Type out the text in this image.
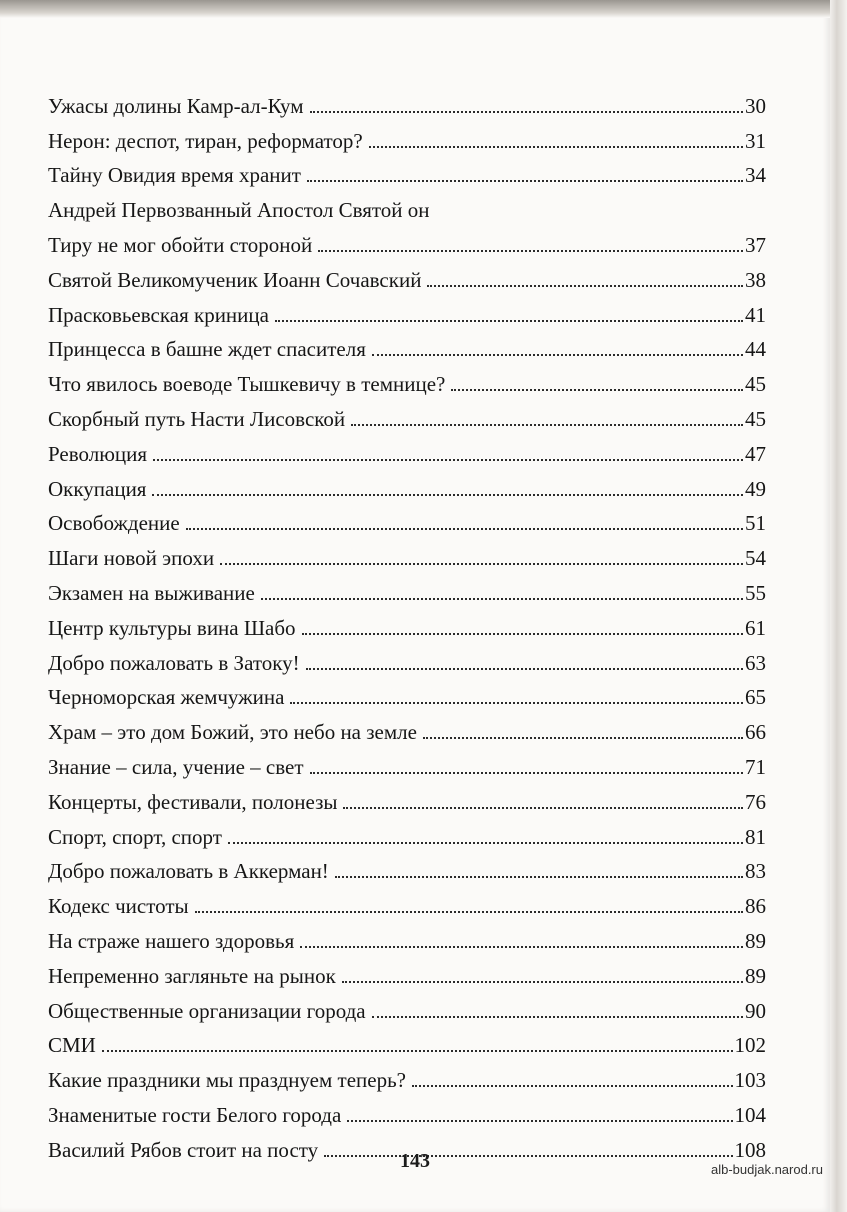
Ужасы долины Камр-ал-Кум	30
Нерон: деспот, тиран, реформатор?	31
Тайну Овидия время хранит	34
Андрей Первозванный Апостол Святой он
Тиру не мог обойти стороной	37
Святой Великомученик Иоанн Сочавский	38
Прасковьевская криница	41
Принцесса в башне ждет спасителя	44
Что явилось воеводе Тышкевичу в темнице?	45
Скорбный путь Насти Лисовской	45
Революция	47
Оккупация	49
Освобождение	51
Шаги новой эпохи	54
Экзамен на выживание	55
Центр культуры вина Шабо	61
Добро пожаловать в Затоку!	63
Черноморская жемчужина	65
Храм – это дом Божий, это небо на земле	66
Знание – сила, учение – свет	71
Концерты, фестивали, полонезы	76
Спорт, спорт, спорт	81
Добро пожаловать в Аккерман!	83
Кодекс чистоты	86
На страже нашего здоровья	89
Непременно загляньте на рынок	89
Общественные организации города	90
СМИ	102
Какие праздники мы празднуем теперь?	103
Знаменитые гости Белого города	104
Василий Рябов стоит на посту	108
143	alb-budjak.narod.ru
